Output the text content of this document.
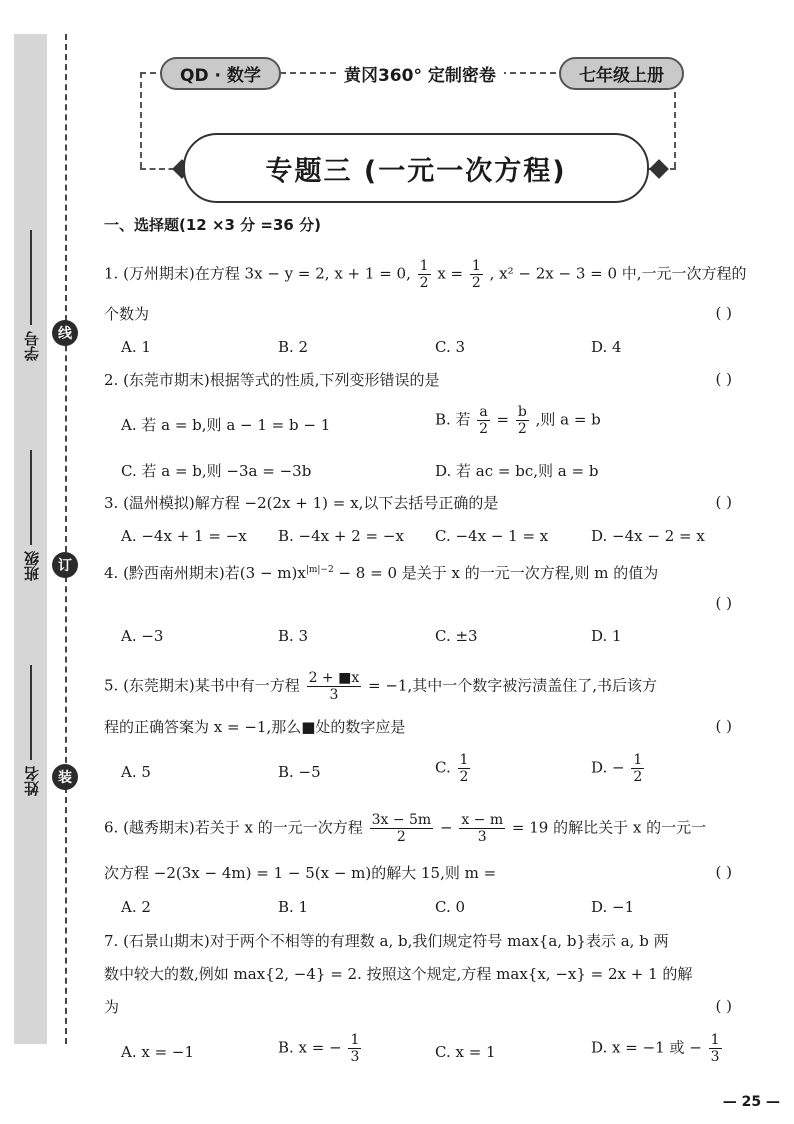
线
订
装
学号
班级
姓名
QD · 数学	黄冈360° 定制密卷	七年级上册
专题三 (一元一次方程)
一、选择题(12 ×3 分 =36 分)
1. (万州期末)在方程 3x − y = 2, x + 1 = 0, $\frac{1}{2}$ $x = \frac{1}{2}$ , x² − 2x − 3 = 0 中,一元一次方程的
个数为	( )
A. 1	B. 2	C. 3	D. 4
2. (东莞市期末)根据等式的性质,下列变形错误的是	( )
A. 若 a = b,则 a − 1 = b − 1	B. 若 $\frac{a}{2} = \frac{b}{2}$ ,则 a = b
C. 若 a = b,则 −3a = −3b	D. 若 ac = bc,则 a = b
3. (温州模拟)解方程 −2(2x + 1) = x,以下去括号正确的是	( )
A. −4x + 1 = −x B. −4x + 2 = −x C. −4x − 1 = x	D. −4x − 2 = x
4. (黔西南州期末)若$(3 - m)x^{|m|-2} - 8 = 0$ 是关于 x 的一元一次方程,则 m 的值为
( )
A. −3	B. 3	C. ±3	D. 1
5. (东莞期末)某书中有一方程 $\frac{2 + ■x}{3} = -1$,其中一个数字被污渍盖住了,书后该方
程的正确答案为 x = −1,那么■处的数字应是	( )
A. 5	B. −5	C. $\frac{1}{2}$	D. − $\frac{1}{2}$
6. (越秀期末)若关于 x 的一元一次方程 $\frac{3x - 5m}{2} - \frac{x - m}{3} = 19$ 的解比关于 x 的一元一
次方程 −2(3x − 4m) = 1 − 5(x − m)的解大 15,则 m =	( )
A. 2	B. 1	C. 0	D. −1
7. (石景山期末)对于两个不相等的有理数 a, b,我们规定符号 max{a, b}表示 a, b 两
数中较大的数,例如 max{2, −4} = 2. 按照这个规定,方程 max{x, −x} = 2x + 1 的解
为	( )
A. x = −1	B. x = − $\frac{1}{3}$	C. x = 1	D. x = −1 或 − $\frac{1}{3}$
— 25 —
